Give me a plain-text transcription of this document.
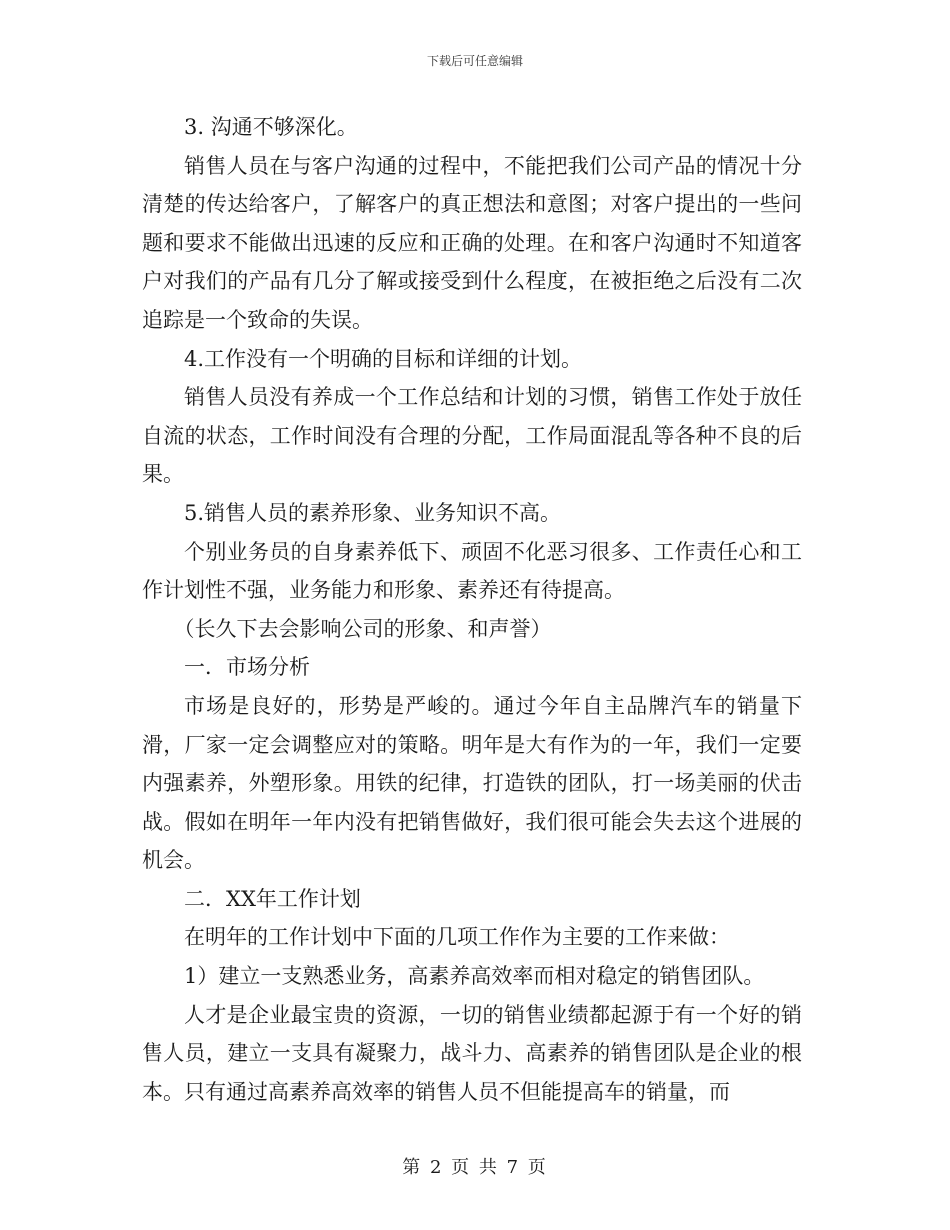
下载后可任意编辑

3. 沟通不够深化。

销售人员在与客户沟通的过程中，不能把我们公司产品的情况十分清楚的传达给客户，了解客户的真正想法和意图；对客户提出的一些问题和要求不能做出迅速的反应和正确的处理。在和客户沟通时不知道客户对我们的产品有几分了解或接受到什么程度，在被拒绝之后没有二次追踪是一个致命的失误。

4.工作没有一个明确的目标和详细的计划。

销售人员没有养成一个工作总结和计划的习惯，销售工作处于放任自流的状态，工作时间没有合理的分配，工作局面混乱等各种不良的后果。

5.销售人员的素养形象、业务知识不高。

个别业务员的自身素养低下、顽固不化恶习很多、工作责任心和工作计划性不强，业务能力和形象、素养还有待提高。

（长久下去会影响公司的形象、和声誉）

一．市场分析

市场是良好的，形势是严峻的。通过今年自主品牌汽车的销量下滑，厂家一定会调整应对的策略。明年是大有作为的一年，我们一定要内强素养，外塑形象。用铁的纪律，打造铁的团队，打一场美丽的伏击战。假如在明年一年内没有把销售做好，我们很可能会失去这个进展的机会。

二．XX年工作计划

在明年的工作计划中下面的几项工作作为主要的工作来做：

1）建立一支熟悉业务，高素养高效率而相对稳定的销售团队。

人才是企业最宝贵的资源，一切的销售业绩都起源于有一个好的销售人员，建立一支具有凝聚力，战斗力、高素养的销售团队是企业的根本。只有通过高素养高效率的销售人员不但能提高车的销量，而

第 2 页 共 7 页
